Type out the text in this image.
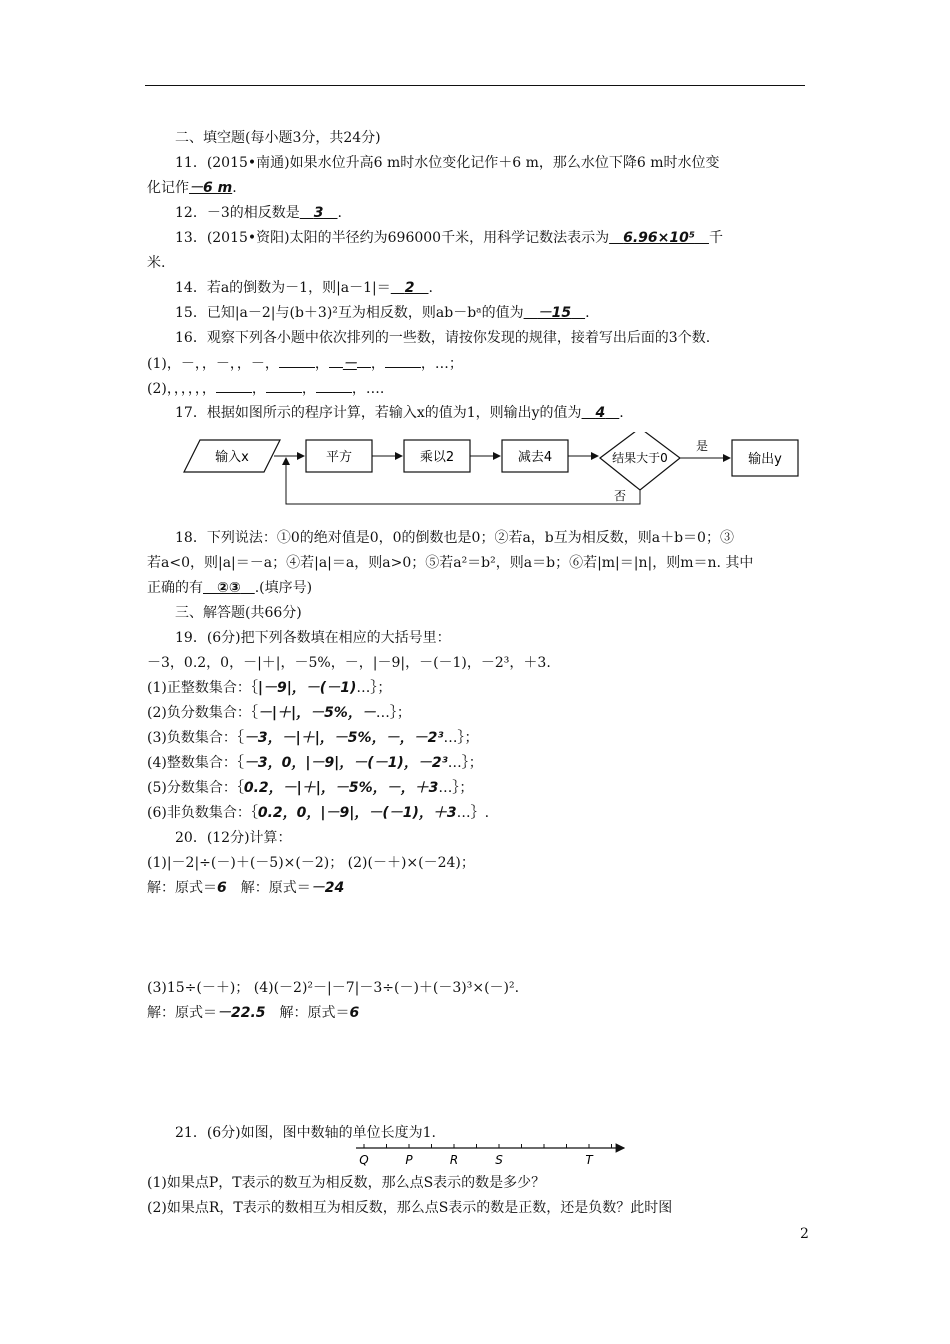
二、填空题(每小题3分，共24分)
11．(2015•南通)如果水位升高6 m时水位变化记作＋6 m，那么水位下降6 m时水位变
化记作－6 m.
12．－3的相反数是　 3　 .
13．(2015•资阳)太阳的半径约为696000千米，用科学记数法表示为　 6.96×10⁵　 千
米.
14．若a的倒数为－1，则|a－1|＝　 2　 .
15．已知|a－2|与(b＋3)²互为相反数，则ab－bᵃ的值为　 －15　 .
16．观察下列各小题中依次排列的一些数，请按你发现的规律，接着写出后面的3个数.
(1)，－，，－，，－，	， － ，	，…；
(2)，，，，，，	，	，	，….
17．根据如图所示的程序计算，若输入x的值为1，则输出y的值为　 4　 .
输入x	平方	乘以2	减去4	结果大于0
是
输出y
否
18．下列说法：①0的绝对值是0，0的倒数也是0；②若a，b互为相反数，则a＋b＝0；③
若a<0，则|a|＝－a；④若|a|＝a，则a>0；⑤若a²＝b²，则a＝b；⑥若|m|＝|n|，则m＝n. 其中
正确的有　 ②③　 .(填序号)
三、解答题(共66分)
19．(6分)把下列各数填在相应的大括号里：
－3，0.2，0，－|＋|，－5%，－，|－9|，－(－1)，－2³，＋3.
(1)正整数集合：｛|－9|，－(－1)…｝；
(2)负分数集合：｛－|＋|，－5%，－…｝；
(3)负数集合：｛－3，－|＋|，－5%，－，－2³…｝；
(4)整数集合：｛－3，0，|－9|，－(－1)，－2³…｝；
(5)分数集合：｛0.2，－|＋|，－5%，－，＋3…｝；
(6)非负数集合：｛0.2，0，|－9|，－(－1)，＋3…｝.
20．(12分)计算：
(1)|－2|÷(－)＋(－5)×(－2)； (2)(－＋)×(－24)；
解：原式＝6　 解：原式＝－24
(3)15÷(－＋)； (4)(－2)²－|－7|－3÷(－)＋(－3)³×(－)².
解：原式＝－22.5　 解：原式＝6
21．(6分)如图，图中数轴的单位长度为1.
Q	P	R	S	T
(1)如果点P，T表示的数互为相反数，那么点S表示的数是多少？
(2)如果点R，T表示的数相互为相反数，那么点S表示的数是正数，还是负数？此时图
2
